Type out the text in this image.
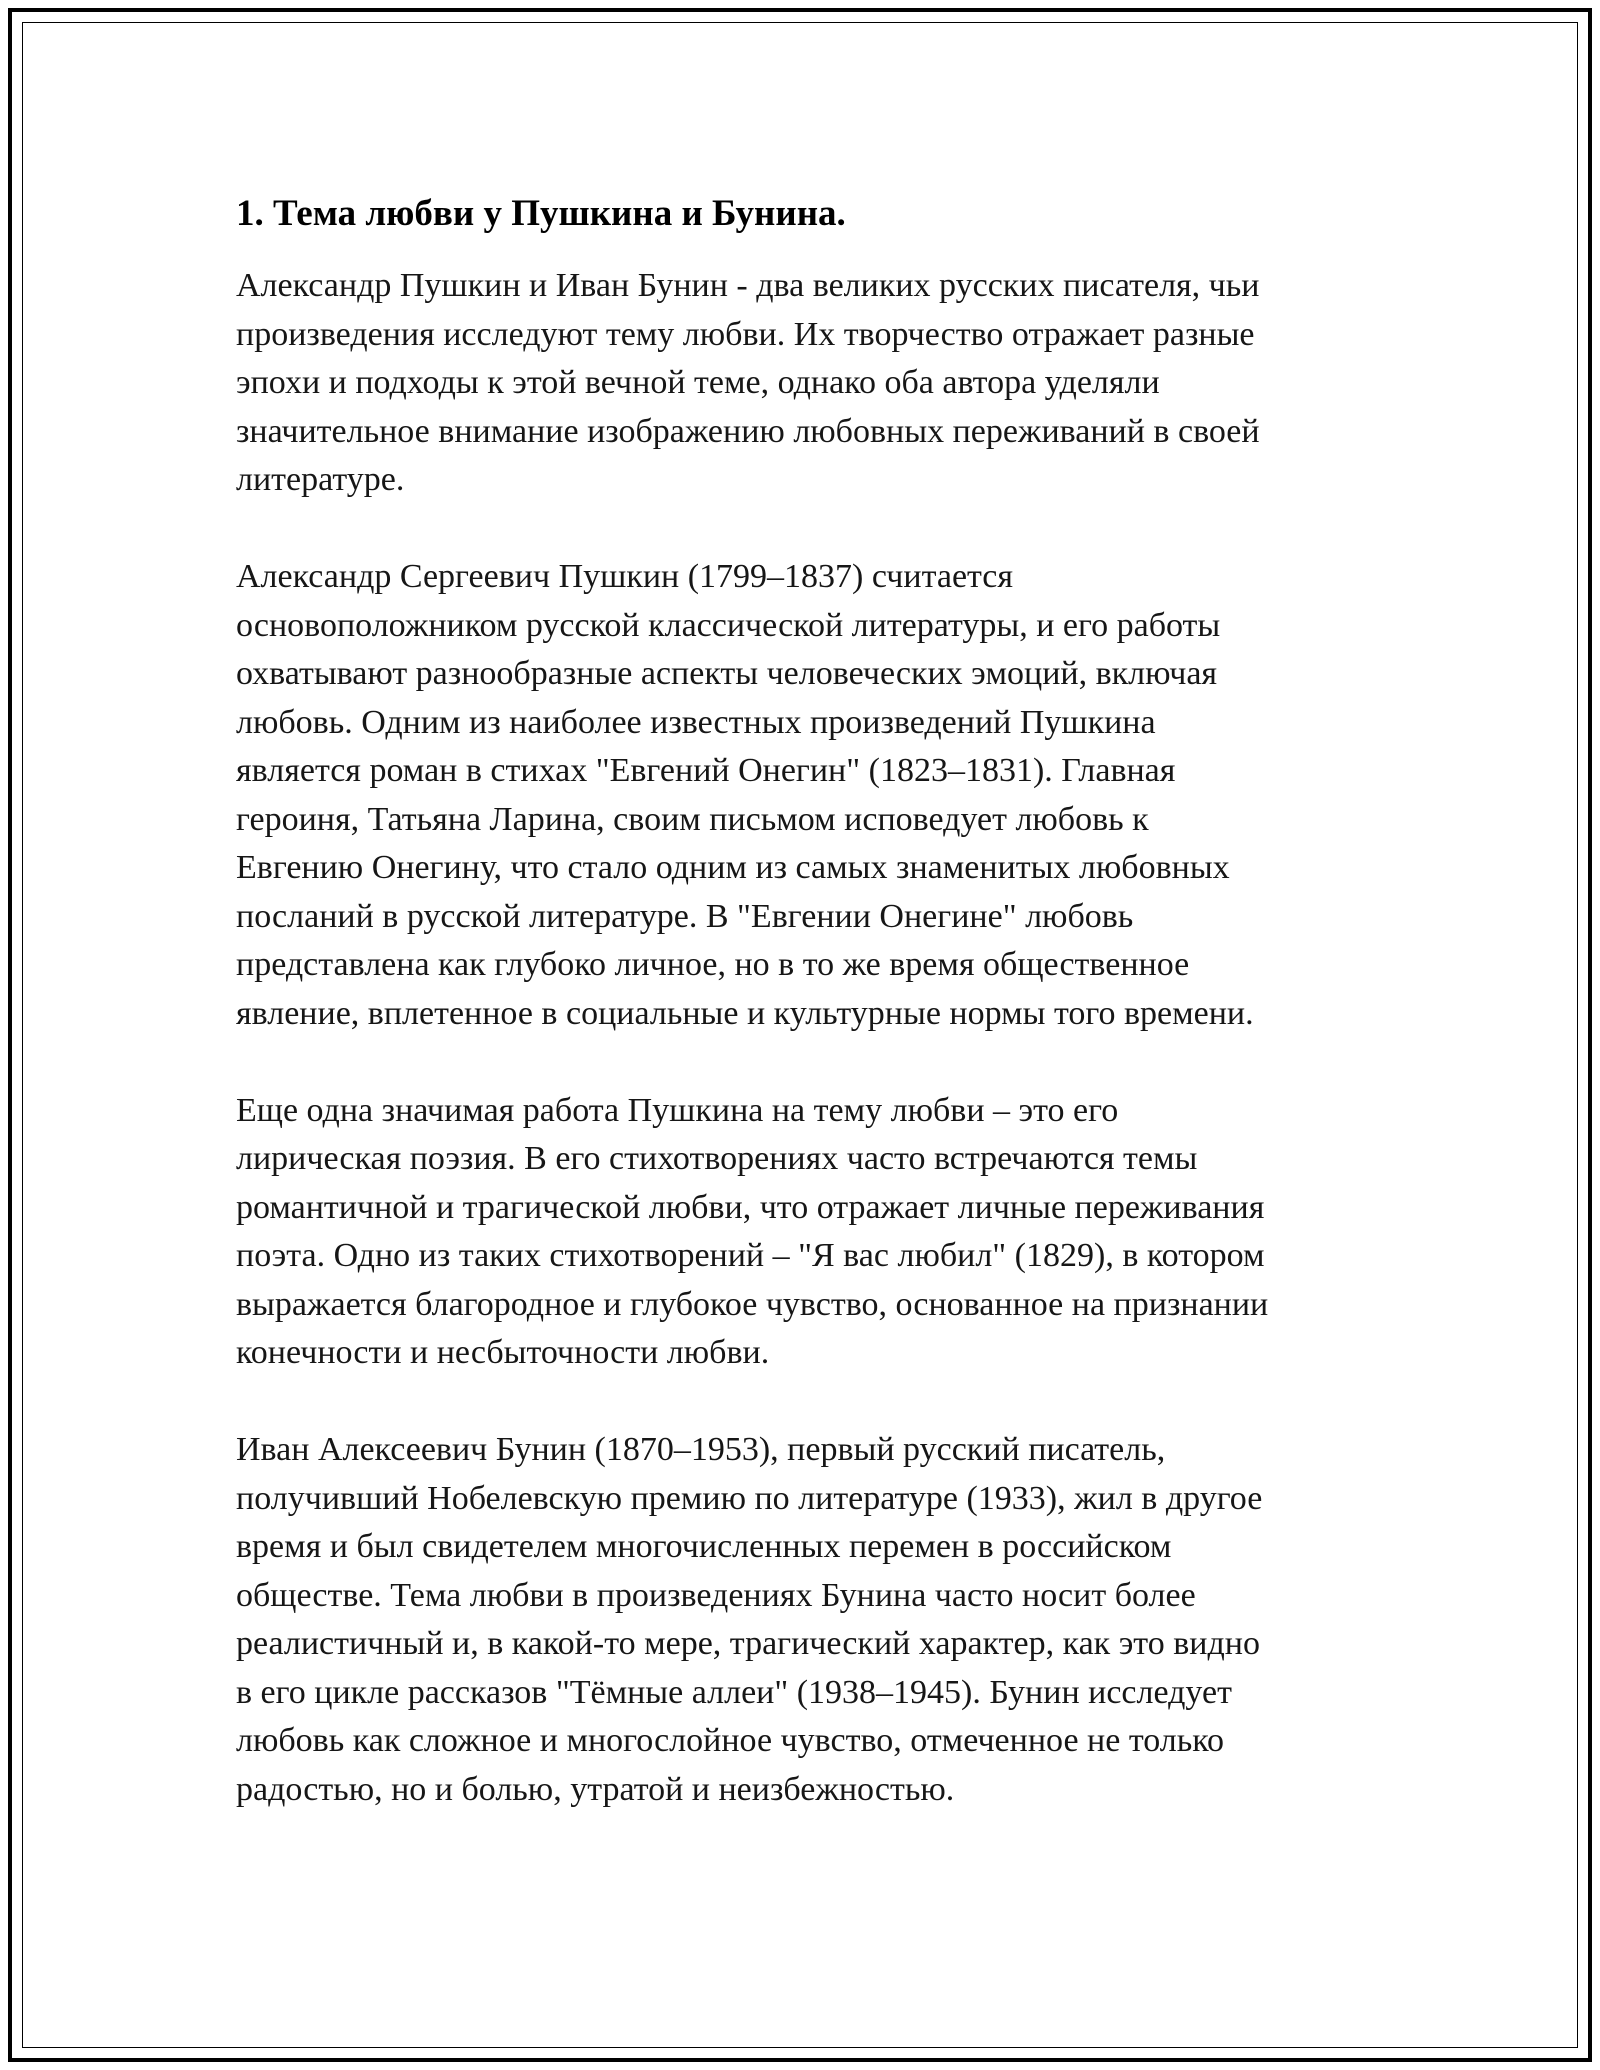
1. Тема любви у Пушкина и Бунина.
Александр Пушкин и Иван Бунин - два великих русских писателя, чьи
произведения исследуют тему любви. Их творчество отражает разные
эпохи и подходы к этой вечной теме, однако оба автора уделяли
значительное внимание изображению любовных переживаний в своей
литературе.
Александр Сергеевич Пушкин (1799–1837) считается
основоположником русской классической литературы, и его работы
охватывают разнообразные аспекты человеческих эмоций, включая
любовь. Одним из наиболее известных произведений Пушкина
является роман в стихах "Евгений Онегин" (1823–1831). Главная
героиня, Татьяна Ларина, своим письмом исповедует любовь к
Евгению Онегину, что стало одним из самых знаменитых любовных
посланий в русской литературе. В "Евгении Онегине" любовь
представлена как глубоко личное, но в то же время общественное
явление, вплетенное в социальные и культурные нормы того времени.
Еще одна значимая работа Пушкина на тему любви – это его
лирическая поэзия. В его стихотворениях часто встречаются темы
романтичной и трагической любви, что отражает личные переживания
поэта. Одно из таких стихотворений – "Я вас любил" (1829), в котором
выражается благородное и глубокое чувство, основанное на признании
конечности и несбыточности любви.
Иван Алексеевич Бунин (1870–1953), первый русский писатель,
получивший Нобелевскую премию по литературе (1933), жил в другое
время и был свидетелем многочисленных перемен в российском
обществе. Тема любви в произведениях Бунина часто носит более
реалистичный и, в какой-то мере, трагический характер, как это видно
в его цикле рассказов "Тёмные аллеи" (1938–1945). Бунин исследует
любовь как сложное и многослойное чувство, отмеченное не только
радостью, но и болью, утратой и неизбежностью.
